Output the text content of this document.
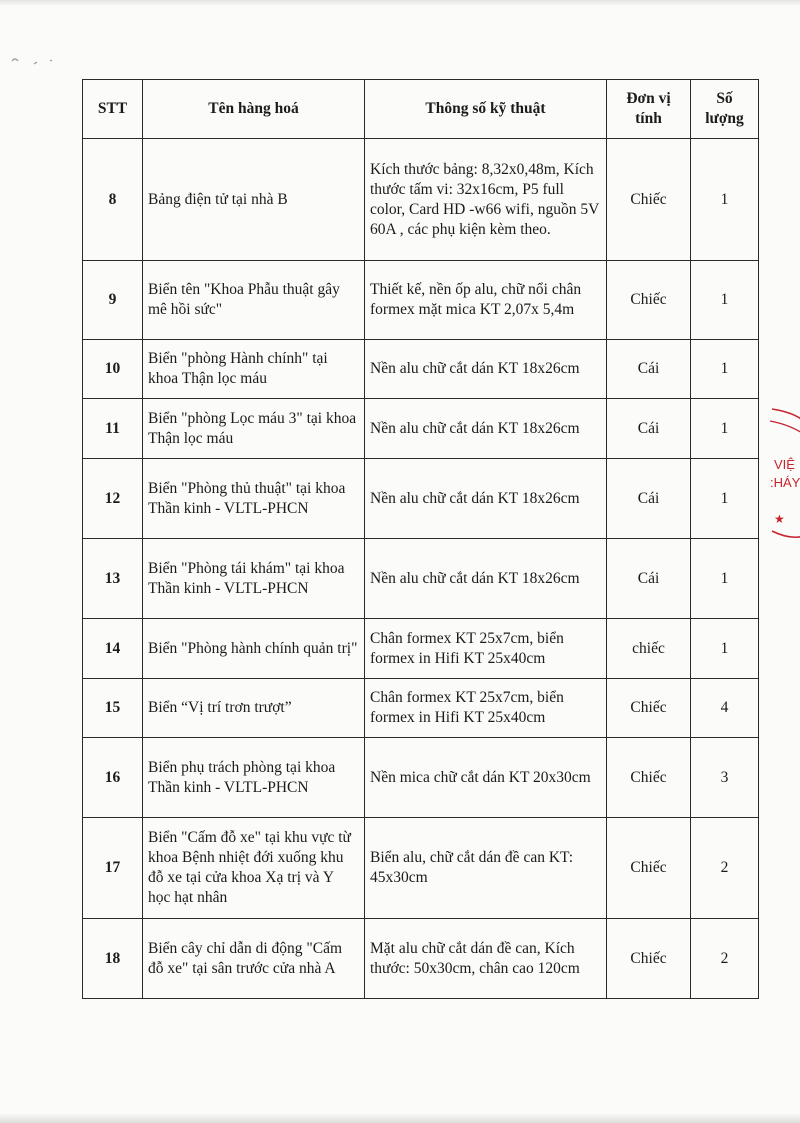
STT	Tên hàng hoá	Thông số kỹ thuật	Đơn vị tính	Số lượng
8	Bảng điện tử tại nhà B	Kích thước bảng: 8,32x0,48m, Kích thước tấm vi: 32x16cm, P5 full color, Card HD -w66 wifi, nguồn 5V 60A , các phụ kiện kèm theo.	Chiếc	1
9	Biển tên "Khoa Phẫu thuật gây mê hồi sức"	Thiết kế, nền ốp alu, chữ nổi chân formex mặt mica KT 2,07x 5,4m	Chiếc	1
10	Biển "phòng Hành chính" tại khoa Thận lọc máu	Nền alu chữ cắt dán KT 18x26cm	Cái	1
11	Biển "phòng Lọc máu 3" tại khoa Thận lọc máu	Nền alu chữ cắt dán KT 18x26cm	Cái	1
12	Biển "Phòng thủ thuật" tại khoa Thần kinh - VLTL-PHCN	Nền alu chữ cắt dán KT 18x26cm	Cái	1
13	Biển "Phòng tái khám" tại khoa Thần kinh - VLTL-PHCN	Nền alu chữ cắt dán KT 18x26cm	Cái	1
14	Biển "Phòng hành chính quản trị"	Chân formex KT 25x7cm, biển formex in Hifi KT 25x40cm	chiếc	1
15	Biển “Vị trí trơn trượt”	Chân formex KT 25x7cm, biển formex in Hifi KT 25x40cm	Chiếc	4
16	Biển phụ trách phòng tại khoa Thần kinh - VLTL-PHCN	Nền mica chữ cắt dán KT 20x30cm	Chiếc	3
17	Biển "Cấm đỗ xe" tại khu vực từ khoa Bệnh nhiệt đới xuống khu đỗ xe tại cửa khoa Xạ trị và Y học hạt nhân	Biển alu, chữ cắt dán đề can KT: 45x30cm	Chiếc	2
18	Biển cây chỉ dẫn di động "Cấm đỗ xe" tại sân trước cửa nhà A	Mặt alu chữ cắt dán đề can, Kích thước: 50x30cm, chân cao 120cm	Chiếc	2
VIỆ
:HÁY
★
